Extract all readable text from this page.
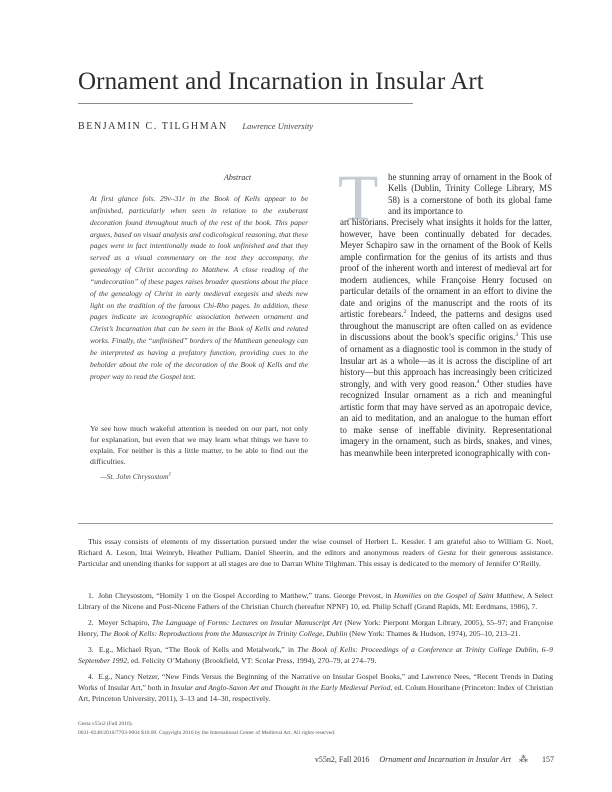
Ornament and Incarnation in Insular Art
BENJAMIN C. TILGHMAN Lawrence University
Abstract
At first glance fols. 29v–31r in the Book of Kells appear to be unfinished, particularly when seen in relation to the exuberant decoration found throughout much of the rest of the book. This paper argues, based on visual analysis and codicological reasoning, that these pages were in fact intentionally made to look unfinished and that they served as a visual commentary on the text they accompany, the genealogy of Christ according to Matthew. A close reading of the “undecoration” of these pages raises broader questions about the place of the genealogy of Christ in early medieval exegesis and sheds new light on the tradition of the famous Chi-Rho pages. In addition, these pages indicate an iconographic association between ornament and Christ’s Incarnation that can be seen in the Book of Kells and related works. Finally, the “unfinished” borders of the Matthean genealogy can be interpreted as having a prefatory function, providing cues to the beholder about the role of the decoration of the Book of Kells and the proper way to read the Gospel text.
Ye see how much wakeful attention is needed on our part, not only for explanation, but even that we may learn what things we have to explain. For neither is this a little matter, to be able to find out the difficulties.
—St. John Chrysostom$^1$
T he stunning array of ornament in the Book of Kells (Dublin, Trinity College Library, MS 58) is a cornerstone of both its global fame and its importance to
art historians. Precisely what insights it holds for the latter, however, have been continually debated for decades. Meyer Schapiro saw in the ornament of the Book of Kells ample confirmation for the genius of its artists and thus proof of the inherent worth and interest of medieval art for modern audiences, while Françoise Henry focused on particular details of the ornament in an effort to divine the date and origins of the manuscript and the roots of its artistic forebears.$^2$ Indeed, the patterns and designs used throughout the manuscript are often called on as evidence in discussions about the book’s specific origins.$^3$ This use of ornament as a diagnostic tool is common in the study of Insular art as a whole—as it is across the discipline of art history—but this approach has increasingly been criticized strongly, and with very good reason.$^4$ Other studies have recognized Insular ornament as a rich and meaningful artistic form that may have served as an apotropaic device, an aid to meditation, and an analogue to the human effort to make sense of ineffable divinity. Representational imagery in the ornament, such as birds, snakes, and vines, has meanwhile been interpreted iconographically with con-
This essay consists of elements of my dissertation pursued under the wise counsel of Herbert L. Kessler. I am grateful also to William G. Noel, Richard A. Leson, Ittai Weinryb, Heather Pulliam, Daniel Sheerin, and the editors and anonymous readers of Gesta for their generous assistance. Particular and unending thanks for support at all stages are due to Darran White Tilghman. This essay is dedicated to the memory of Jennifer O’Reilly.

1. John Chrysostom, “Homily 1 on the Gospel According to Matthew,” trans. George Prevost, in Homilies on the Gospel of Saint Matthew, A Select Library of the Nicene and Post-Nicene Fathers of the Christian Church (hereafter NPNF) 10, ed. Philip Schaff (Grand Rapids, MI: Eerdmans, 1986), 7.

2. Meyer Schapiro, The Language of Forms: Lectures on Insular Manuscript Art (New York: Pierpont Morgan Library, 2005), 55–97; and Françoise Henry, The Book of Kells: Reproductions from the Manuscript in Trinity College, Dublin (New York: Thames & Hudson, 1974), 205–10, 213–21.

3. E.g., Michael Ryan, “The Book of Kells and Metalwork,” in The Book of Kells: Proceedings of a Conference at Trinity College Dublin, 6–9 September 1992, ed. Felicity O’Mahony (Brookfield, VT: Scolar Press, 1994), 270–79, at 274–79.

4. E.g., Nancy Netzer, “New Finds Versus the Beginning of the Narrative on Insular Gospel Books,” and Lawrence Nees, “Recent Trends in Dating Works of Insular Art,” both in Insular and Anglo-Saxon Art and Thought in the Early Medieval Period, ed. Colum Hourihane (Princeton: Index of Christian Art, Princeton University, 2011), 3–13 and 14–30, respectively.

Gesta v55n2 (Fall 2016).
0031-8248/2016/7703-0004 $10.00. Copyright 2016 by the International Center of Medieval Art. All rights reserved.
v55n2, Fall 2016 Ornament and Incarnation in Insular Art ⁂ 157
